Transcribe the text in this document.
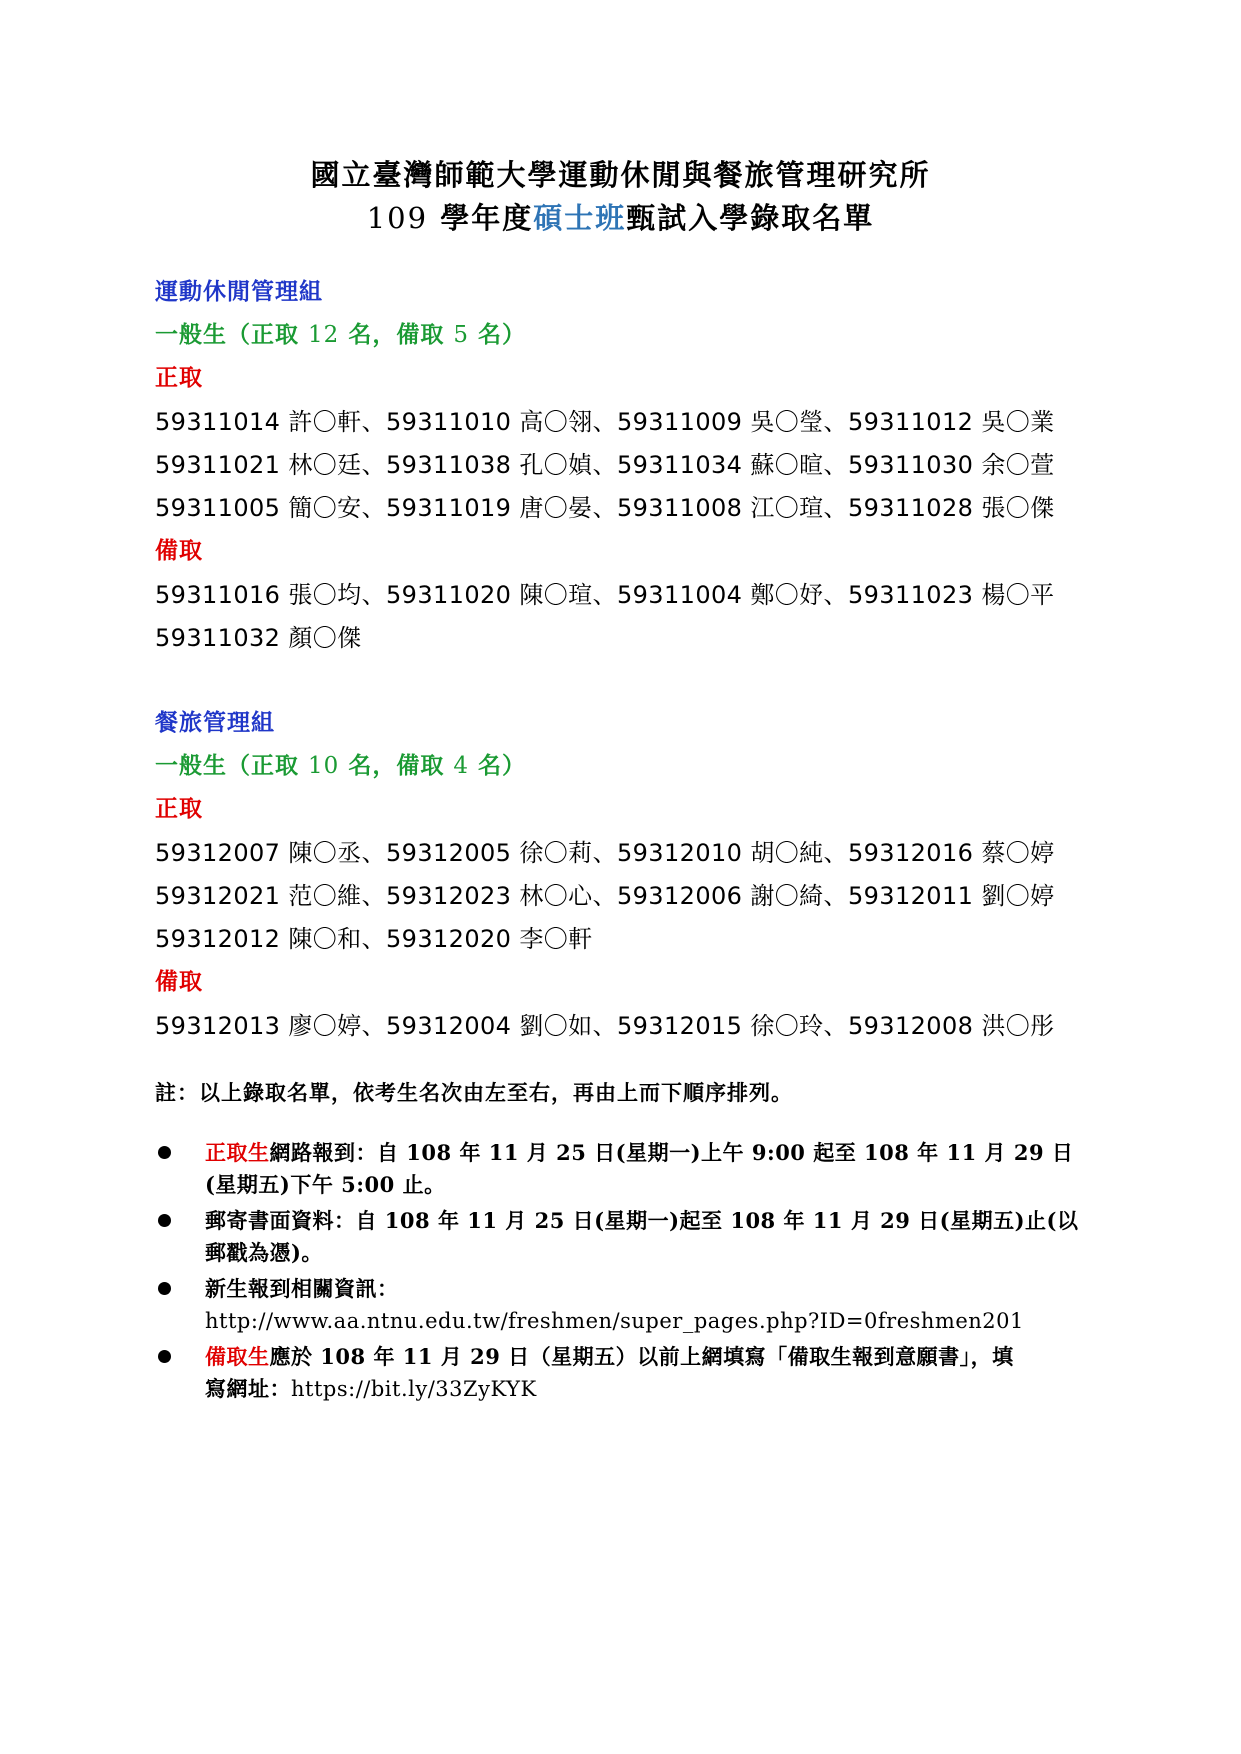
國立臺灣師範大學運動休閒與餐旅管理研究所
109 學年度碩士班甄試入學錄取名單
運動休閒管理組
一般生（正取 12 名，備取 5 名）
正取
59311014 許〇軒、59311010 高〇翎、59311009 吳〇瑩、59311012 吳〇業
59311021 林〇廷、59311038 孔〇媜、59311034 蘇〇暄、59311030 余〇萱
59311005 簡〇安、59311019 唐〇晏、59311008 江〇瑄、59311028 張〇傑
備取
59311016 張〇均、59311020 陳〇瑄、59311004 鄭〇妤、59311023 楊〇平
59311032 顏〇傑
餐旅管理組
一般生（正取 10 名，備取 4 名）
正取
59312007 陳〇丞、59312005 徐〇莉、59312010 胡〇純、59312016 蔡〇婷
59312021 范〇維、59312023 林〇心、59312006 謝〇綺、59312011 劉〇婷
59312012 陳〇和、59312020 李〇軒
備取
59312013 廖〇婷、59312004 劉〇如、59312015 徐〇玲、59312008 洪〇彤
註：以上錄取名單，依考生名次由左至右，再由上而下順序排列。
正取生網路報到：自 108 年 11 月 25 日(星期一)上午 9:00 起至 108 年 11 月 29 日
(星期五)下午 5:00 止。
郵寄書面資料：自 108 年 11 月 25 日(星期一)起至 108 年 11 月 29 日(星期五)止(以
郵戳為憑)。
新生報到相關資訊：
http://www.aa.ntnu.edu.tw/freshmen/super_pages.php?ID=0freshmen201
備取生應於 108 年 11 月 29 日（星期五）以前上網填寫「備取生報到意願書」，填
寫網址：https://bit.ly/33ZyKYK
